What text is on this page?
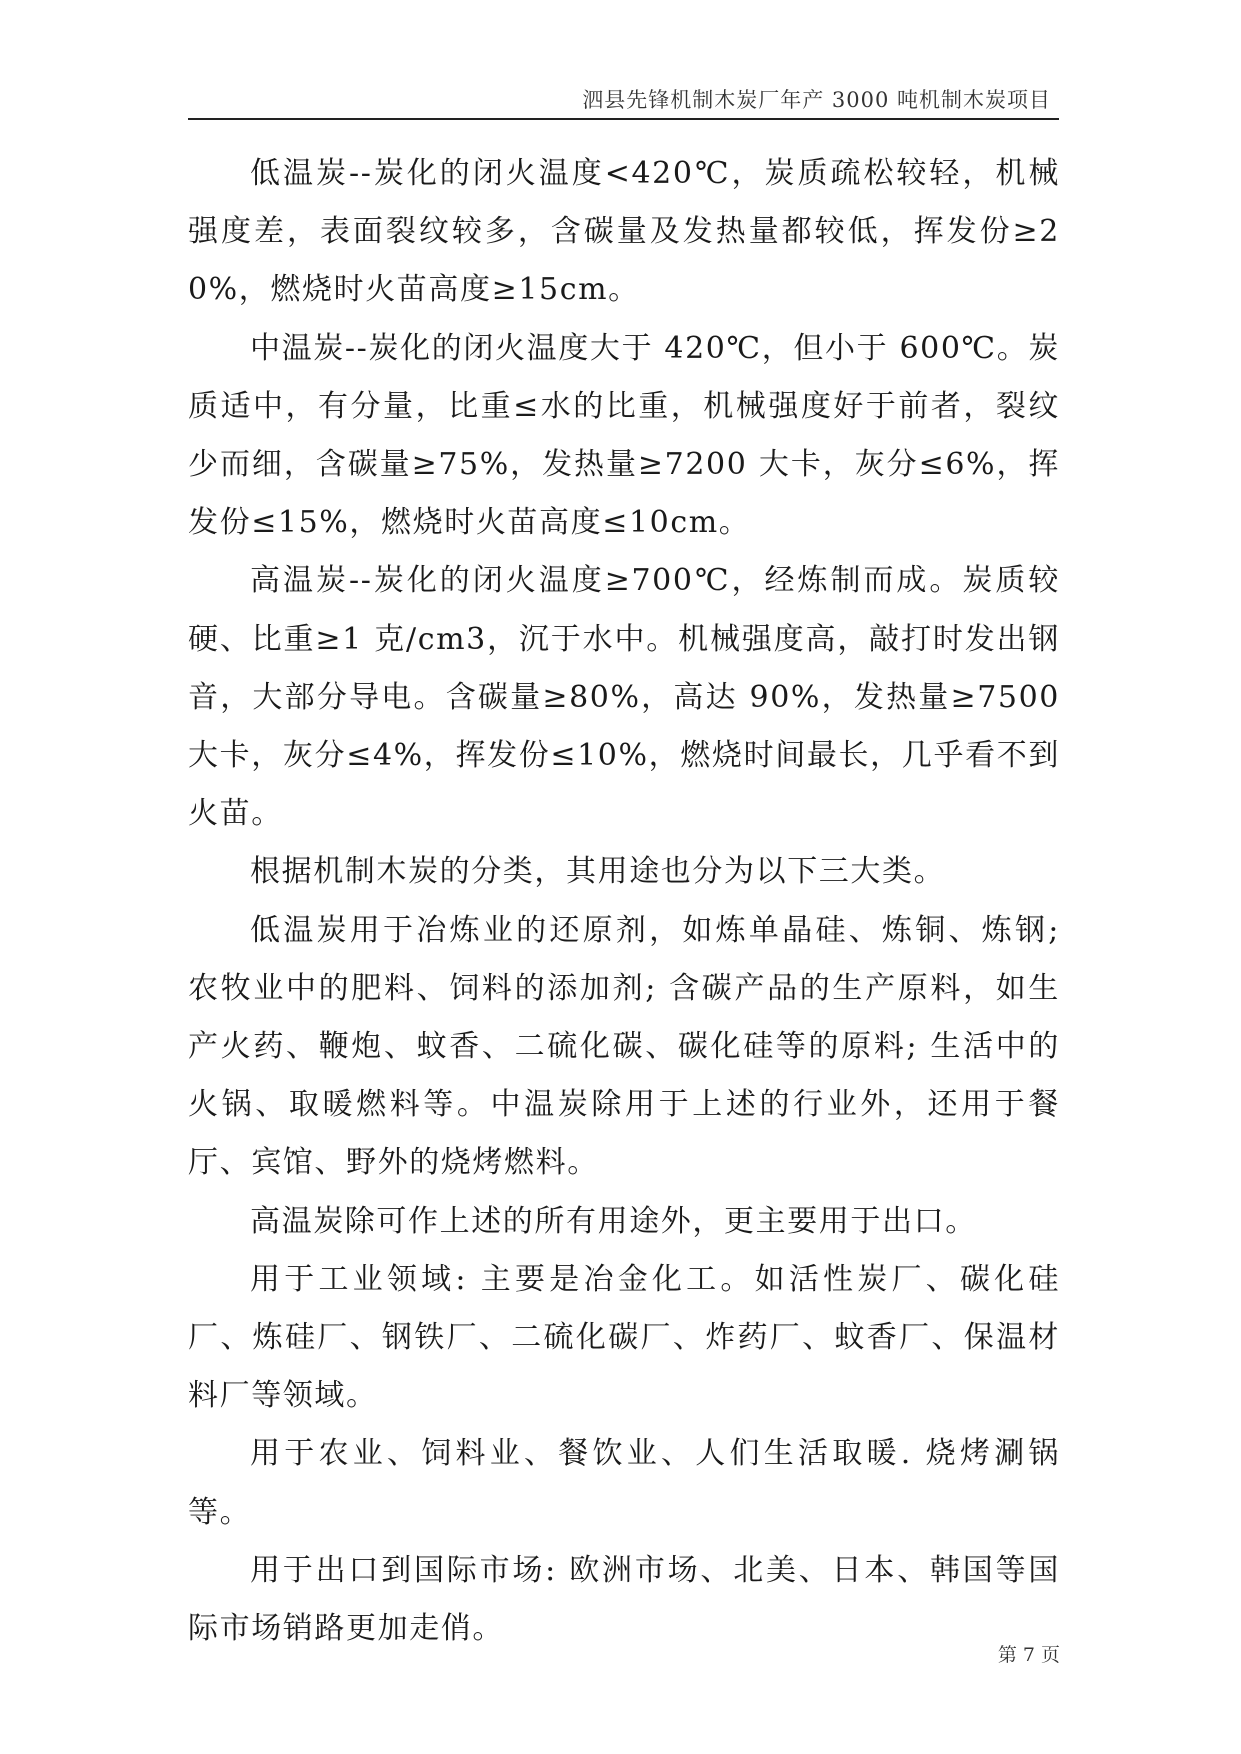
泗县先锋机制木炭厂年产 3000 吨机制木炭项目

低温炭--炭化的闭火温度<420℃，炭质疏松较轻，机械强度差，表面裂纹较多，含碳量及发热量都较低，挥发份≥20%，燃烧时火苗高度≥15cm。

中温炭--炭化的闭火温度大于 420℃，但小于 600℃。炭质适中，有分量，比重≤水的比重，机械强度好于前者，裂纹少而细，含碳量≥75%，发热量≥7200 大卡，灰分≤6%，挥发份≤15%，燃烧时火苗高度≤10cm。

高温炭--炭化的闭火温度≥700℃，经炼制而成。炭质较硬、比重≥1 克/cm3，沉于水中。机械强度高，敲打时发出钢音，大部分导电。含碳量≥80%，高达 90%，发热量≥7500 大卡，灰分≤4%，挥发份≤10%，燃烧时间最长，几乎看不到火苗。

根据机制木炭的分类，其用途也分为以下三大类。

低温炭用于冶炼业的还原剂，如炼单晶硅、炼铜、炼钢; 农牧业中的肥料、饲料的添加剂; 含碳产品的生产原料，如生产火药、鞭炮、蚊香、二硫化碳、碳化硅等的原料; 生活中的火锅、取暖燃料等。中温炭除用于上述的行业外，还用于餐厅、宾馆、野外的烧烤燃料。

高温炭除可作上述的所有用途外，更主要用于出口。

用于工业领域: 主要是冶金化工。如活性炭厂、碳化硅厂、炼硅厂、钢铁厂、二硫化碳厂、炸药厂、蚊香厂、保温材料厂等领域。

用于农业、饲料业、餐饮业、人们生活取暖. 烧烤涮锅等。

用于出口到国际市场: 欧洲市场、北美、日本、韩国等国际市场销路更加走俏。

第 7 页
